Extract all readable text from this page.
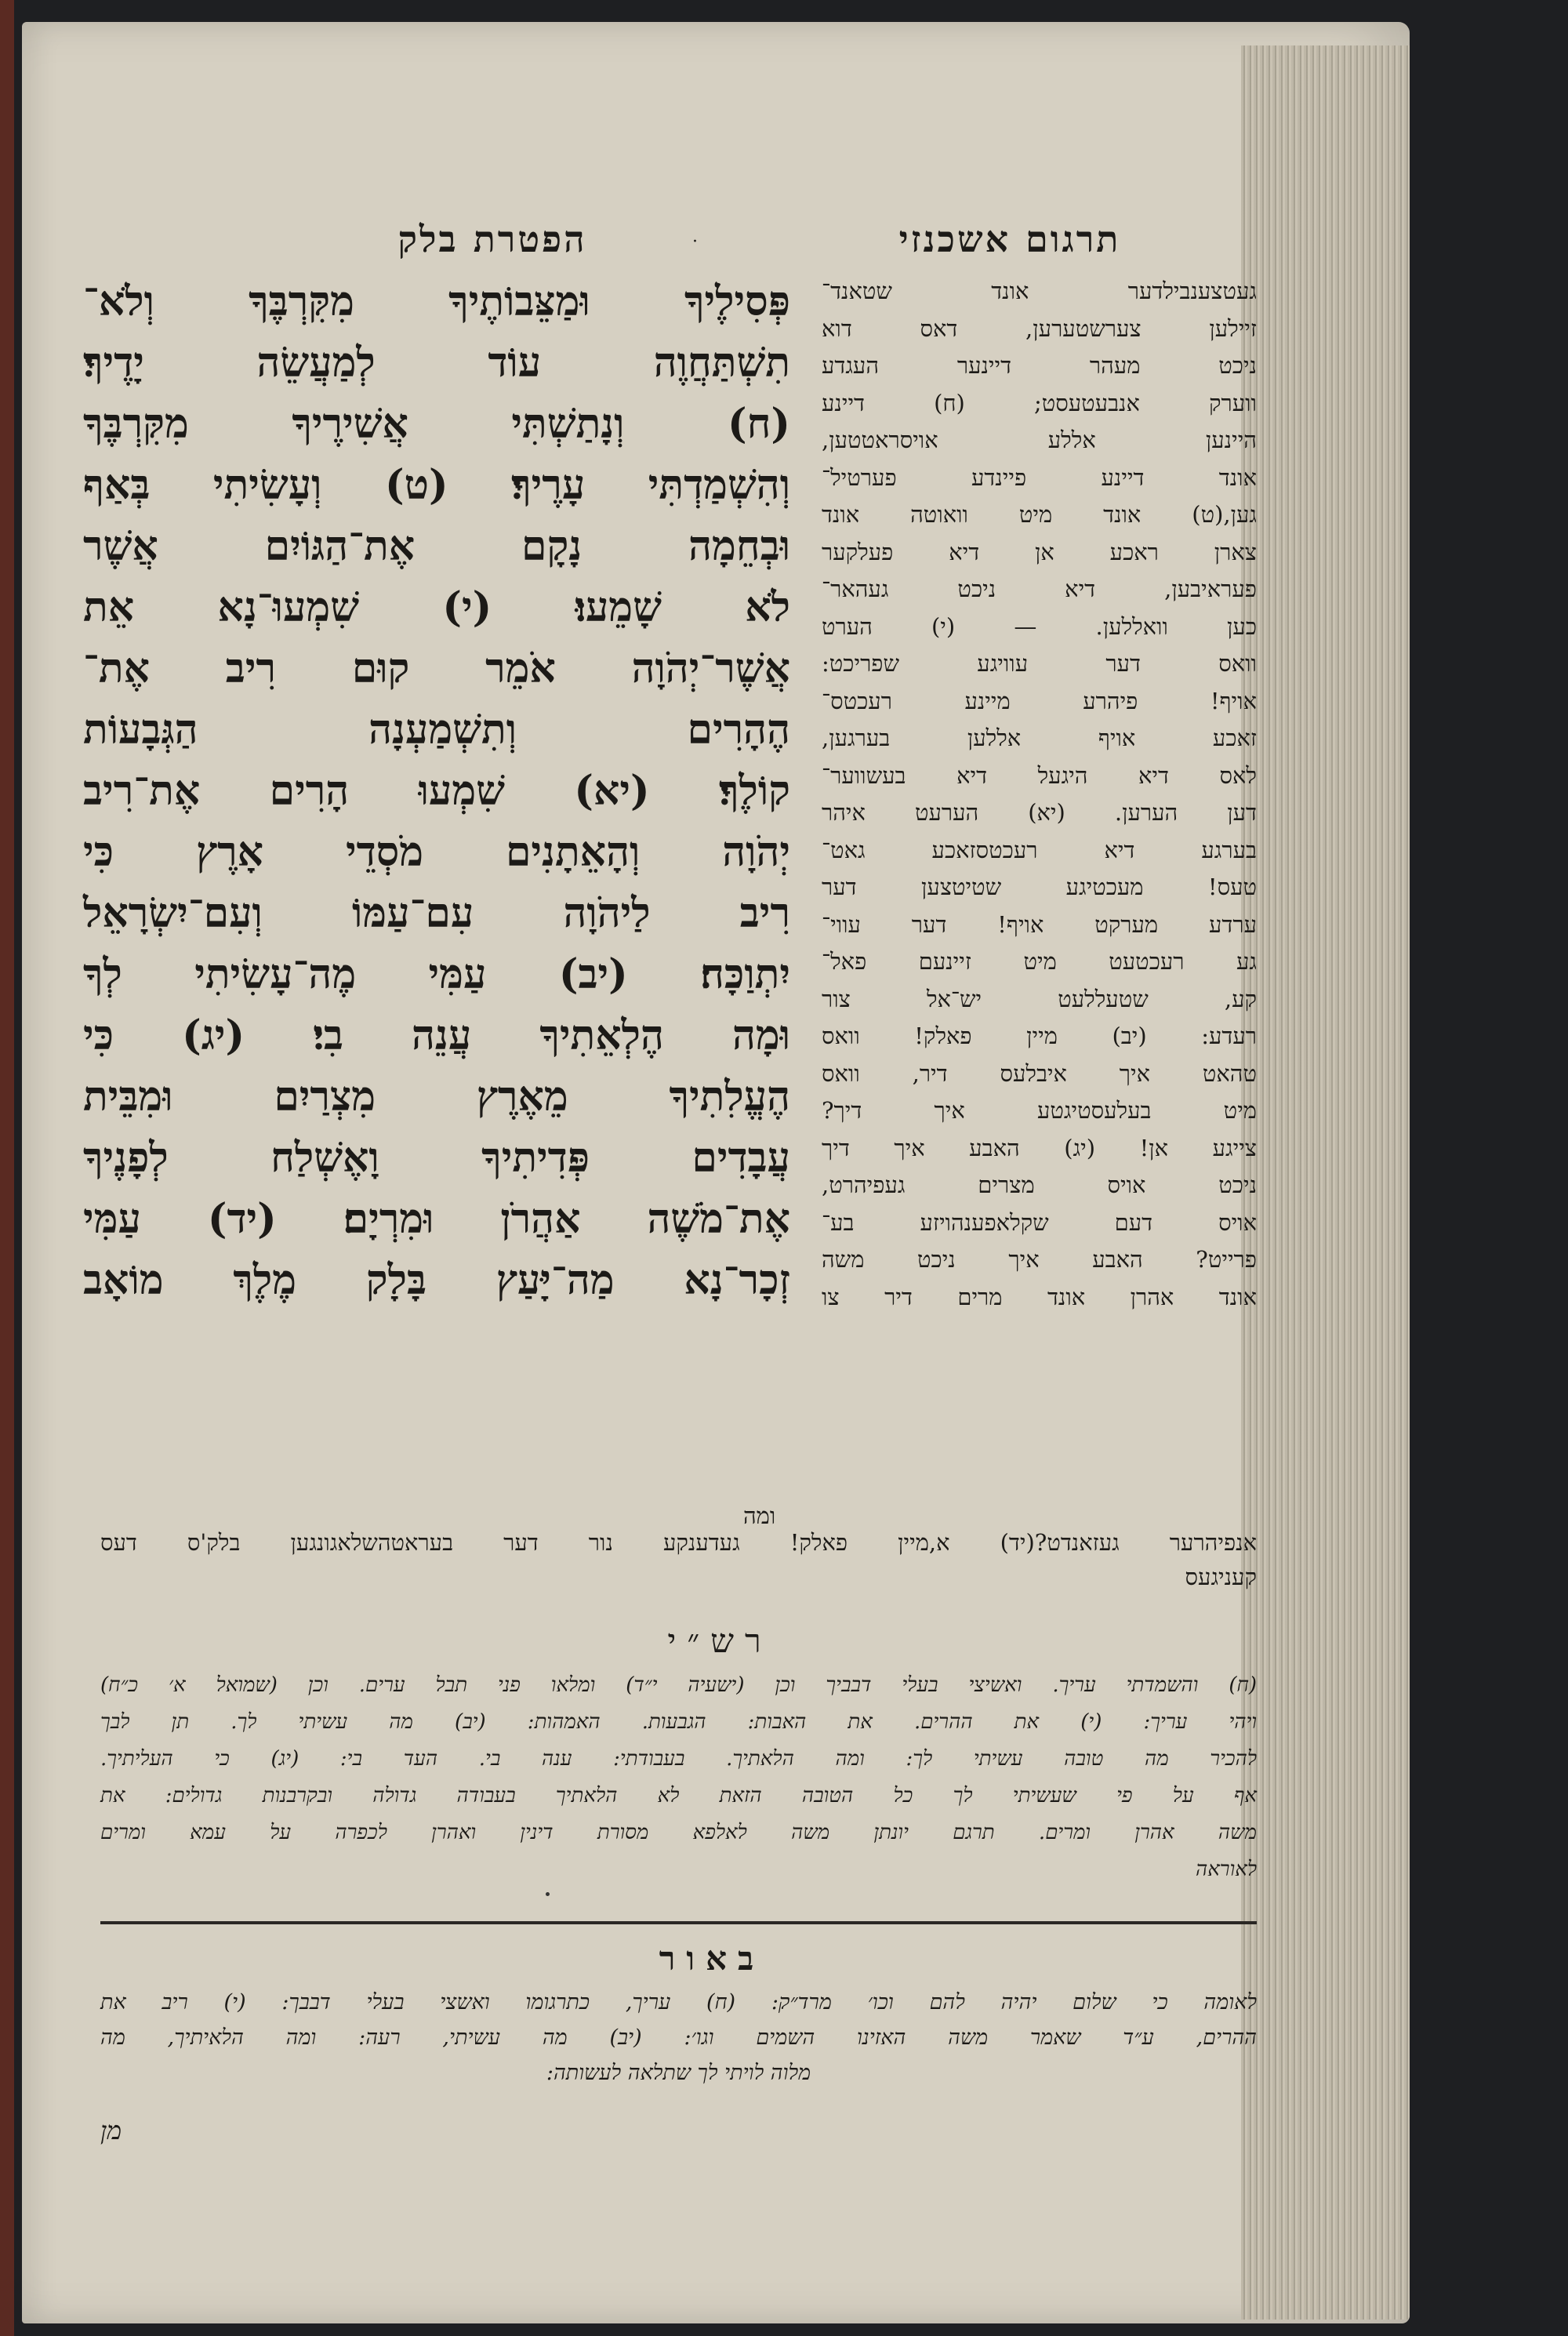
הפטרת בלק	·	תרגום אשכנזי
פְּסִילֶיךָ וּמַצֵּבוֹתֶיךָ מִקִּרְבֶּךָ וְלֹא־
תִשְׁתַּחֲוֶה עוֹד לְמַעֲשֵׂה יָדֶיךָ׃
(ח) וְנָתַשְׁתִּי אֲשִׁירֶיךָ מִקִּרְבֶּךָ
וְהִשְׁמַדְתִּי עָרֶיךָ׃ (ט) וְעָשִׂיתִי בְּאַף
וּבְחֵמָה נָקָם אֶת־הַגּוֹיִם אֲשֶׁר
לֹא שָׁמֵעוּ׃ (י) שִׁמְעוּ־נָא אֵת
אֲשֶׁר־יְהֹוָה אֹמֵר קוּם רִיב אֶת־
הֶהָרִים וְתִשְׁמַעְנָה הַגְּבָעוֹת
קוֹלֶךָ׃ (יא) שִׁמְעוּ הָרִים אֶת־רִיב
יְהֹוָה וְהָאֵתָנִים מֹסְדֵי אָרֶץ כִּי
רִיב לַיהֹוָה עִם־עַמּוֹ וְעִם־יִשְׂרָאֵל
יִתְוַכָּח׃ (יב) עַמִּי מֶה־עָשִׂיתִי לְךָ
וּמָה הֶלְאֵתִיךָ עֲנֵה בִי׃ (יג) כִּי
הֶעֱלִתִיךָ מֵאֶרֶץ מִצְרַיִם וּמִבֵּית
עֲבָדִים פְּדִיתִיךָ וָאֶשְׁלַח לְפָנֶיךָ
אֶת־מֹשֶׁה אַהֲרֹן וּמִרְיָם׃ (יד) עַמִּי
זְכָר־נָא מַה־יָּעַץ בָּלָק מֶלֶךְ מוֹאָב
געטצענבילדער אונד שטאנד־
זיילען צערשטערען, דאס דוא
ניכט מעהר דיינער העגדע
ווערק אנבעטעסט; (ח) דיינע
היינען אללע אויסראטטען,
אונד דיינע פיינדע פערטיל־
גען,(ט) אונד מיט וואוטה אונד
צארן ראכע אן דיא פעלקער
פעראיבען, דיא ניכט געהאר־
כען וואללען. — (י) הערט
וואס דער עוויגע שפריכט:
אויף! פיהרע מיינע רעכטס־
זאכע אויף אללען בערגען,
לאס דיא היגעל דיא בעשווער־
דען הערען. (יא) הערעט איהר
בערגע דיא רעכטסזאכע גאט־
טעס! מעכטיגע שטיטצען דער
ערדע מערקט אויף! דער עווי־
גע רעכטעט מיט זיינעם פאל־
קע, שטעללעט יש־אל צור
רעדע: (יב) מיין פאלק! וואס
טהאט איך איבלעס דיר, וואס
מיט בעלעסטיגטע איך דיך?
צייגע אן! (יג) האבע איך דיך
ניכט אויס מצרים געפיהרט,
אויס דעם שקלאפענהויזע בע־
פרייט? האבע איך ניכט משה
אונד אהרן אונד מרים דיר צו
ומה
אנפיהרער געזאנדט?(יד) א,מיין פאלק! געדענקע נור דער בעראטהשלאגונגען בלק'ס דעס
קעניגעס
רש״י
(ח) והשמדתי עריך. ואשיצי בעלי דבביך וכן (ישעיה י״ד) ומלאו פני תבל ערים. וכן (שמואל א׳ כ״ח)
ויהי עריך: (י) את ההרים. את האבות: הגבעות. האמהות: (יב) מה עשיתי לך. תן לבך
להכיר מה טובה עשיתי לך: ומה הלאתיך. בעבודתי: ענה בי. העד בי: (יג) כי העליתיך.
אף על פי שעשיתי לך כל הטובה הזאת לא הלאתיך בעבודה גדולה ובקרבנות גדולים: את
משה אהרן ומרים. תרגם יונתן משה לאלפא מסורת דינין ואהרן לכפרה על עמא ומרים
לאוראה
באור
לאומה כי שלום יהיה להם וכו׳ מרד״ק: (ח) עריך, כתרגומו ואשצי בעלי דבבך: (י) ריב את
ההרים, ע״ד שאמר משה האזינו השמים וגו׳: (יב) מה עשיתי, רעה: ומה הלאיתיך, מה
מלוה לויתי לך שתלאה לעשותה:
מן
